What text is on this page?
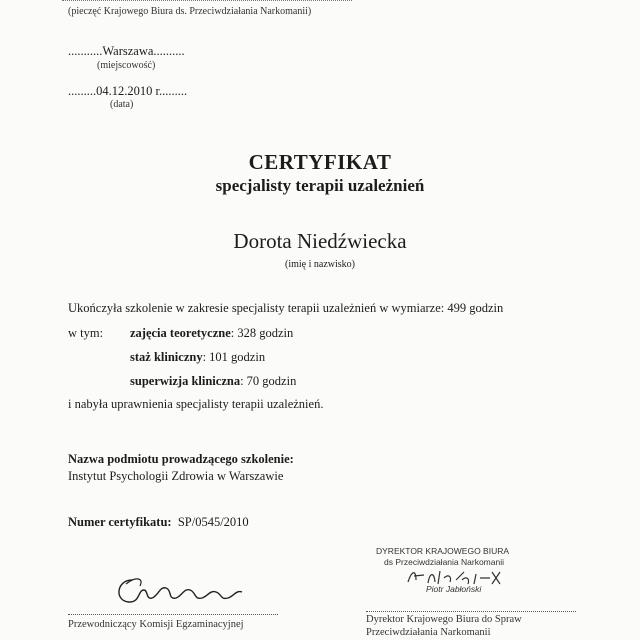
(pieczęć Krajowego Biura ds. Przeciwdziałania Narkomanii)
...........Warszawa..........
(miejscowość)
.........04.12.2010 r.........
(data)
CERTYFIKAT
specjalisty terapii uzależnień
Dorota Niedźwiecka
(imię i nazwisko)
Ukończyła szkolenie w zakresie specjalisty terapii uzależnień w wymiarze: 499 godzin
w tym: zajęcia teoretyczne: 328 godzin
staż kliniczny: 101 godzin
superwizja kliniczna: 70 godzin
i nabyła uprawnienia specjalisty terapii uzależnień.
Nazwa podmiotu prowadzącego szkolenie:
Instytut Psychologii Zdrowia w Warszawie
Numer certyfikatu: SP/0545/2010
DYREKTOR KRAJOWEGO BIURA
ds Przeciwdziałania Narkomanii
Piotr Jabłoński
Przewodniczący Komisji Egzaminacyjnej	Dyrektor Krajowego Biura do Spraw
Przeciwdziałania Narkomanii
